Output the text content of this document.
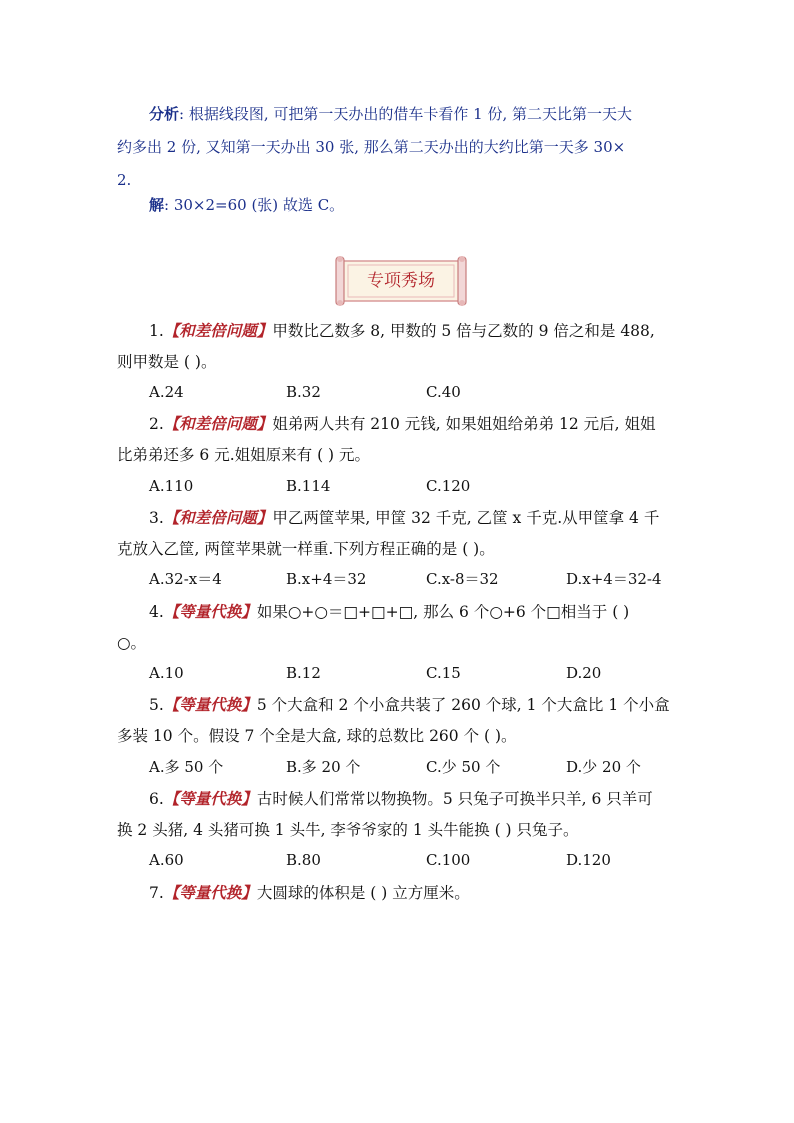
分析: 根据线段图, 可把第一天办出的借车卡看作 1 份, 第二天比第一天大

约多出 2 份, 又知第一天办出 30 张, 那么第二天办出的大约比第一天多 30×

2.

解: 30×2=60 (张) 故选 C。
专项秀场

1.【和差倍问题】甲数比乙数多 8, 甲数的 5 倍与乙数的 9 倍之和是 488,

则甲数是 ( )。

A.24	B.32	C.40

2.【和差倍问题】姐弟两人共有 210 元钱, 如果姐姐给弟弟 12 元后, 姐姐

比弟弟还多 6 元.姐姐原来有 ( ) 元。

A.110	B.114	C.120

3.【和差倍问题】甲乙两筐苹果, 甲筐 32 千克, 乙筐 x 千克.从甲筐拿 4 千

克放入乙筐, 两筐苹果就一样重.下列方程正确的是 ( )。

A.32-x＝4	B.x+4＝32	C.x-8＝32	D.x+4＝32-4

4.【等量代换】如果○+○＝□+□+□, 那么 6 个○+6 个□相当于 ( )

○。

A.10	B.12	C.15	D.20

5.【等量代换】5 个大盒和 2 个小盒共装了 260 个球, 1 个大盒比 1 个小盒

多装 10 个。假设 7 个全是大盒, 球的总数比 260 个 ( )。

A.多 50 个	B.多 20 个	C.少 50 个	D.少 20 个

6.【等量代换】古时候人们常常以物换物。5 只兔子可换半只羊, 6 只羊可

换 2 头猪, 4 头猪可换 1 头牛, 李爷爷家的 1 头牛能换 ( ) 只兔子。

A.60	B.80	C.100	D.120

7.【等量代换】大圆球的体积是 ( ) 立方厘米。
